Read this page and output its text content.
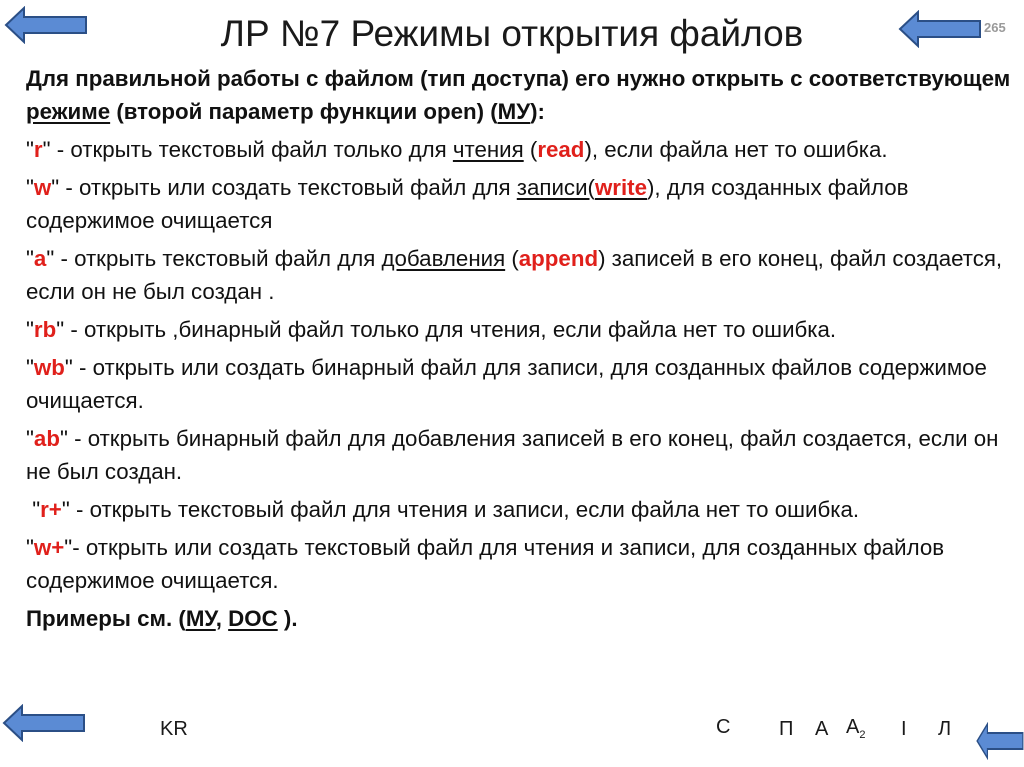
ЛР №7 Режимы открытия файлов	265

Для правильной работы с файлом (тип доступа) его нужно открыть с соответствующем режиме (второй параметр функции open) (МУ):

"r" - открыть текстовый файл только для чтения (read), если файла нет то ошибка.

"w" - открыть или создать текстовый файл для записи(write), для созданных файлов содержимое очищается

"a" - открыть текстовый файл для добавления (append) записей в его конец, файл создается, если он не был создан .

"rb" - открыть ,бинарный файл только для чтения, если файла нет то ошибка.

"wb" - открыть или создать бинарный файл для записи, для созданных файлов содержимое очищается.

"ab" - открыть бинарный файл для добавления записей в его конец, файл создается, если он не был создан.

"r+" - открыть текстовый файл для чтения и записи, если файла нет то ошибка.

"w+"- открыть или создать текстовый файл для чтения и записи, для созданных файлов содержимое очищается.

Примеры см. (МУ, DOC ).

KR	C П А $А_2$ I Л
